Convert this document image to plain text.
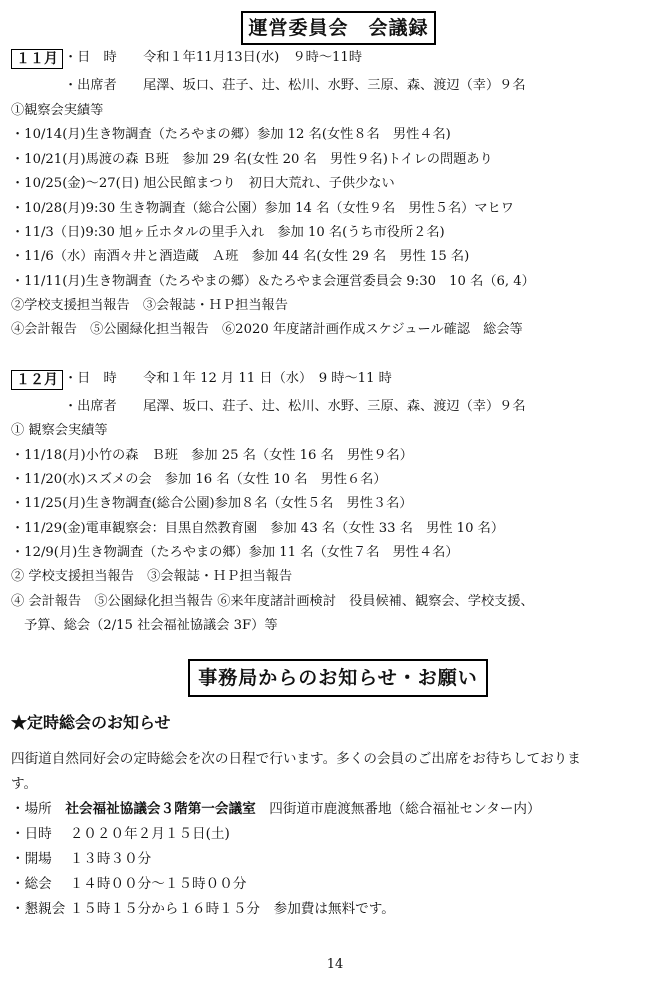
運営委員会　会議録
１１月 ・日　時　　令和１年11月13日(水)　９時～11時
・出席者　　尾澤、坂口、荘子、辻、松川、水野、三原、森、渡辺（幸）９名
①観察会実績等
・10/14(月)生き物調査（たろやまの郷）参加 12 名(女性８名　男性４名)
・10/21(月)馬渡の森 Ｂ班　参加 29 名(女性 20 名　男性９名)トイレの問題あり
・10/25(金)～27(日) 旭公民館まつり　初日大荒れ、子供少ない
・10/28(月)9:30 生き物調査（総合公園）参加 14 名（女性９名　男性５名）マヒワ
・11/3（日)9:30 旭ヶ丘ホタルの里手入れ　参加 10 名(うち市役所２名)
・11/6（水）南酒々井と酒造蔵　Ａ班　参加 44 名(女性 29 名　男性 15 名)
・11/11(月)生き物調査（たろやまの郷）＆たろやま会運営委員会 9:30　10 名（6, 4）
②学校支援担当報告　③会報誌・ＨＰ担当報告
④会計報告　⑤公園緑化担当報告　⑥2020 年度諸計画作成スケジュール確認　総会等
１２月 ・日　時　　令和１年 12 月 11 日（水）　9 時～11 時
・出席者　　尾澤、坂口、荘子、辻、松川、水野、三原、森、渡辺（幸）９名
① 観察会実績等
・11/18(月)小竹の森　Ｂ班　参加 25 名（女性 16 名　男性９名）
・11/20(水)スズメの会　参加 16 名（女性 10 名　男性６名）
・11/25(月)生き物調査(総合公園)参加８名（女性５名　男性３名）
・11/29(金)電車観察会：目黒自然教育園　参加 43 名（女性 33 名　男性 10 名）
・12/9(月)生き物調査（たろやまの郷）参加 11 名（女性７名　男性４名）
② 学校支援担当報告　③会報誌・ＨＰ担当報告
④ 会計報告　⑤公園緑化担当報告 ⑥来年度諸計画検討　役員候補、観察会、学校支援、
　予算、総会（2/15 社会福祉協議会 3F）等
事務局からのお知らせ・お願い
★定時総会のお知らせ
四街道自然同好会の定時総会を次の日程で行います。多くの会員のご出席をお待ちしておりま
す。
・場所　社会福祉協議会３階第一会議室　四街道市鹿渡無番地（総合福祉センター内）
・日時　 ２０２０年２月１５日(土)
・開場　 １３時３０分
・総会　 １４時００分～１５時００分
・懇親会 １５時１５分から１６時１５分　参加費は無料です。
14
